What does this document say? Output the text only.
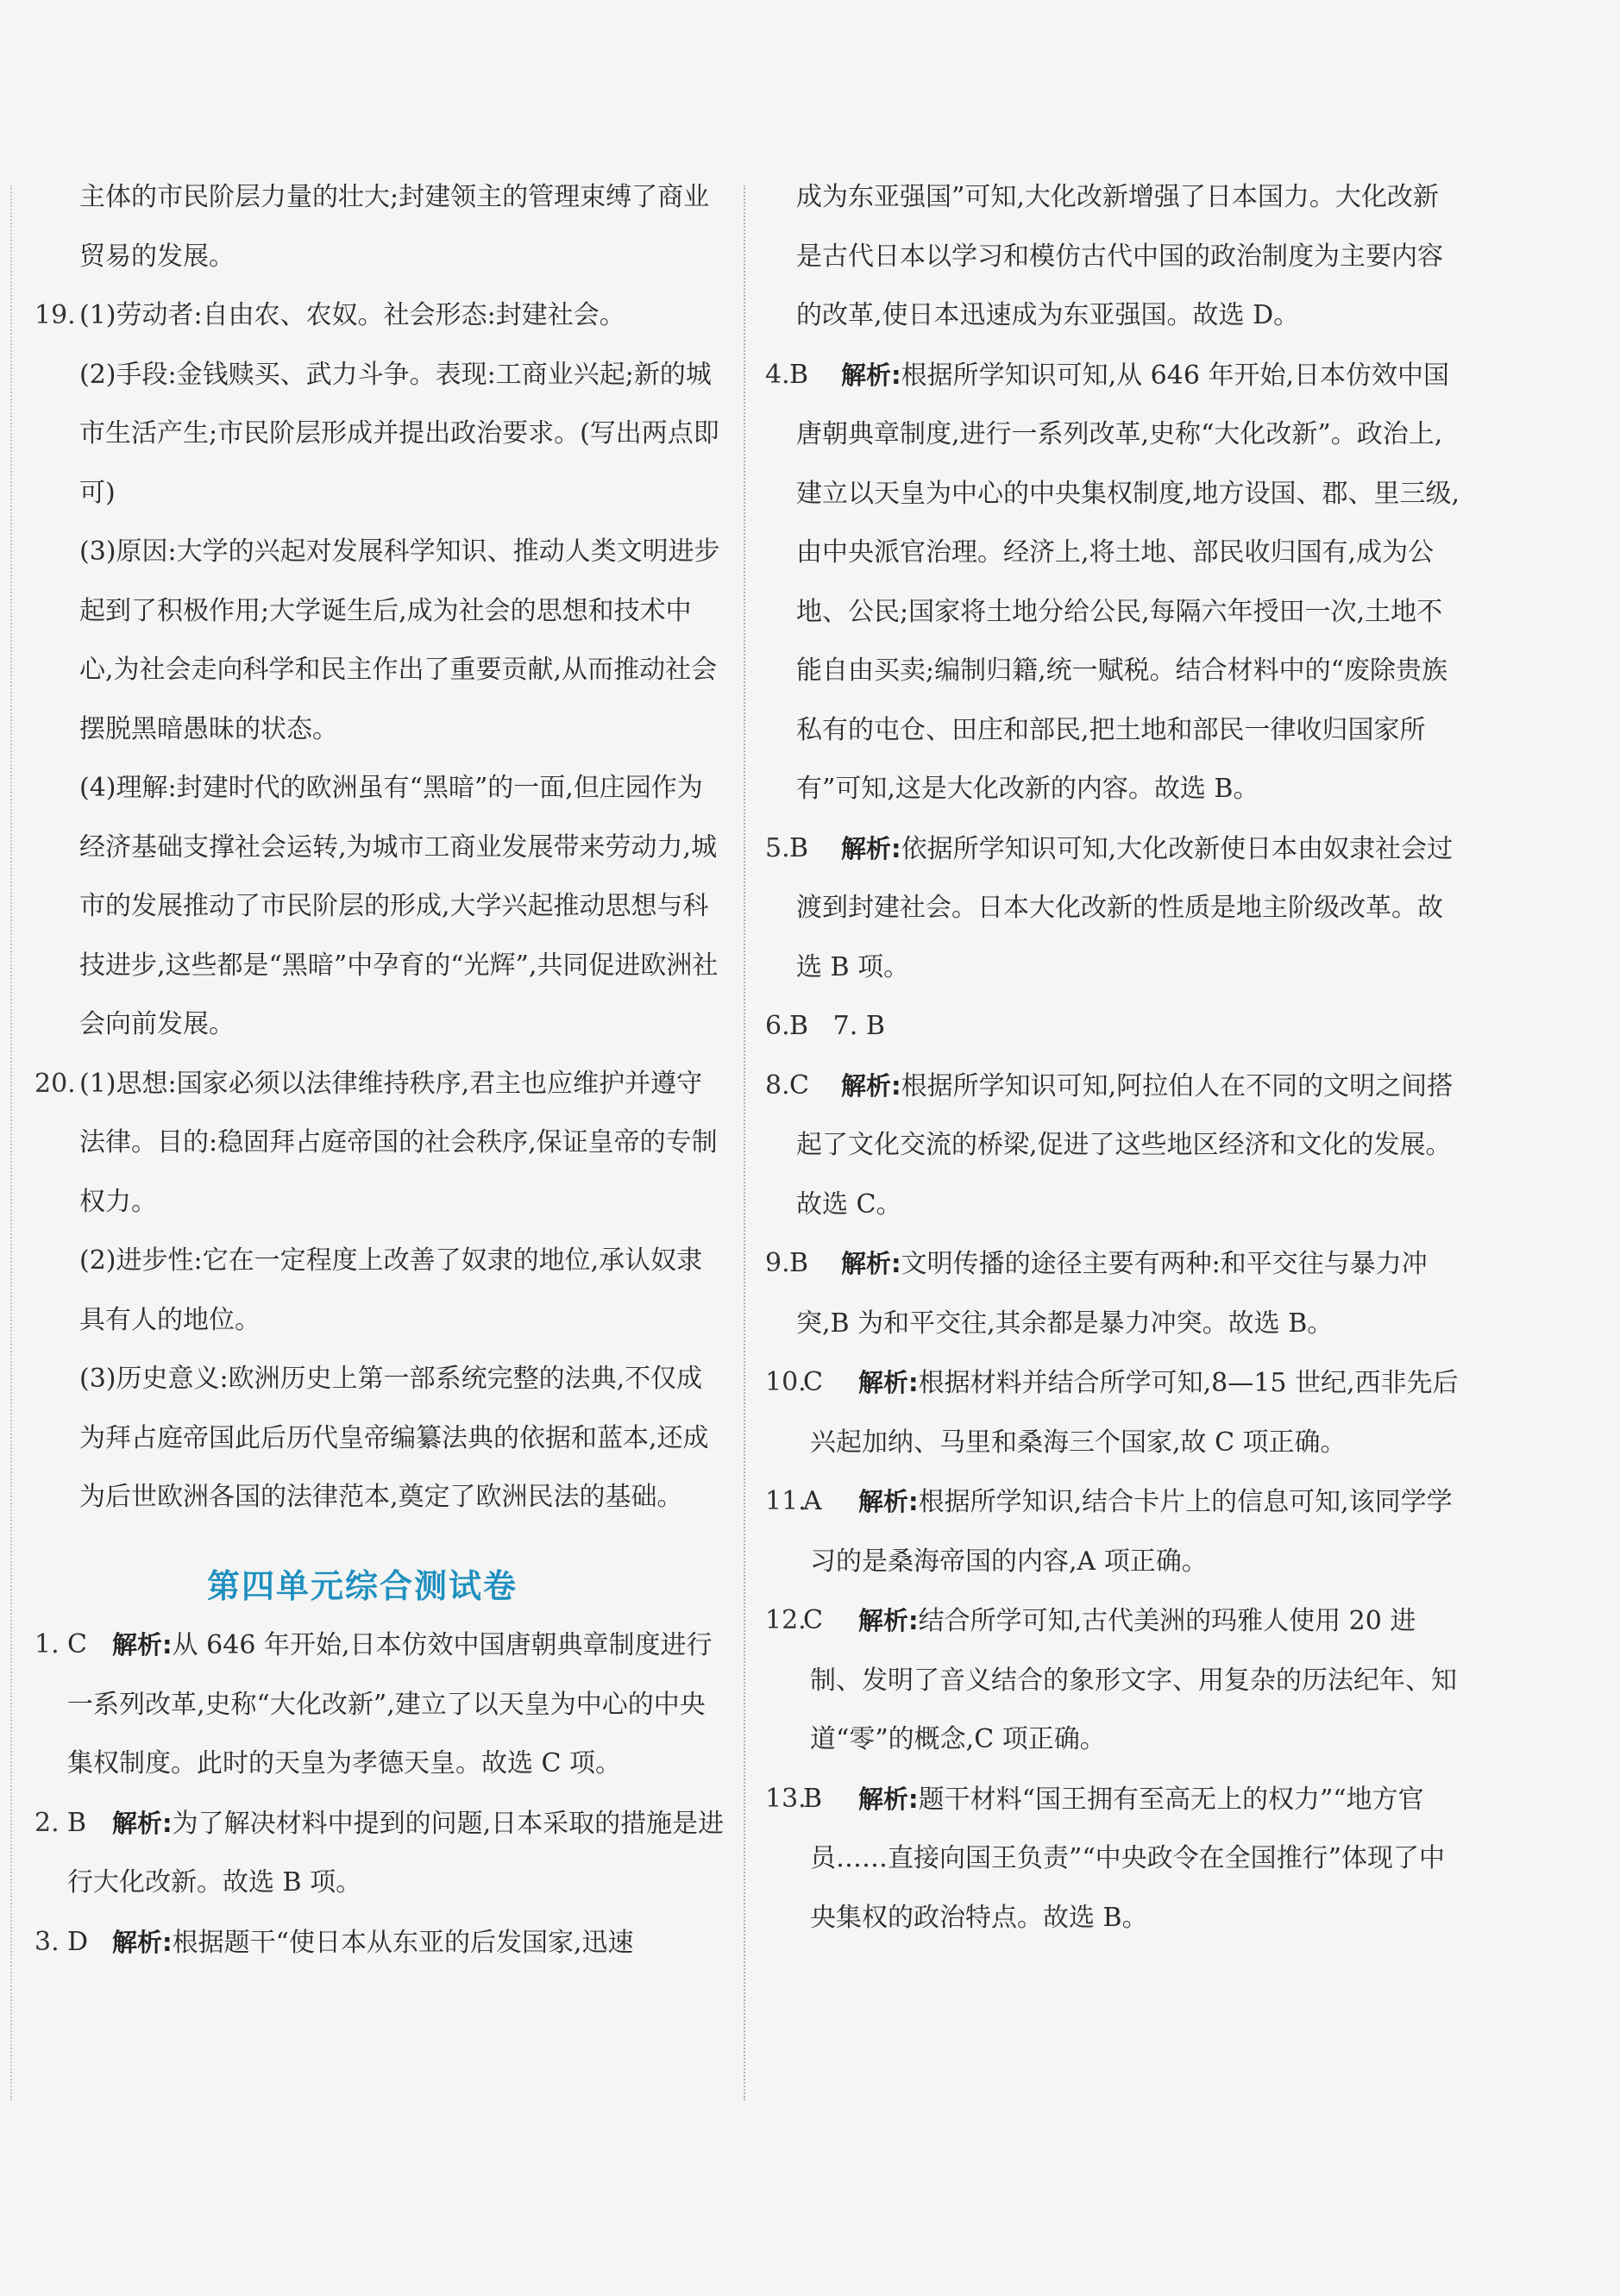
主体的市民阶层力量的壮大;封建领主的管理束缚了商业贸易的发展。
19. (1)劳动者:自由农、农奴。社会形态:封建社会。
(2)手段:金钱赎买、武力斗争。表现:工商业兴起;新的城市生活产生;市民阶层形成并提出政治要求。(写出两点即可)
(3)原因:大学的兴起对发展科学知识、推动人类文明进步起到了积极作用;大学诞生后,成为社会的思想和技术中心,为社会走向科学和民主作出了重要贡献,从而推动社会摆脱黑暗愚昧的状态。
(4)理解:封建时代的欧洲虽有“黑暗”的一面,但庄园作为经济基础支撑社会运转,为城市工商业发展带来劳动力,城市的发展推动了市民阶层的形成,大学兴起推动思想与科技进步,这些都是“黑暗”中孕育的“光辉”,共同促进欧洲社会向前发展。
20. (1)思想:国家必须以法律维持秩序,君主也应维护并遵守法律。目的:稳固拜占庭帝国的社会秩序,保证皇帝的专制权力。
(2)进步性:它在一定程度上改善了奴隶的地位,承认奴隶具有人的地位。
(3)历史意义:欧洲历史上第一部系统完整的法典,不仅成为拜占庭帝国此后历代皇帝编纂法典的依据和蓝本,还成为后世欧洲各国的法律范本,奠定了欧洲民法的基础。
第四单元综合测试卷
1. C	解析:从 646 年开始,日本仿效中国唐朝典章制度进行一系列改革,史称“大化改新”,建立了以天皇为中心的中央集权制度。此时的天皇为孝德天皇。故选 C 项。
2. B	解析:为了解决材料中提到的问题,日本采取的措施是进行大化改新。故选 B 项。
3. D 解析:根据题干“使日本从东亚的后发国家,迅速
成为东亚强国”可知,大化改新增强了日本国力。大化改新是古代日本以学习和模仿古代中国的政治制度为主要内容的改革,使日本迅速成为东亚强国。故选 D。
4. B	解析:根据所学知识可知,从 646 年开始,日本仿效中国唐朝典章制度,进行一系列改革,史称“大化改新”。政治上,建立以天皇为中心的中央集权制度,地方设国、郡、里三级,由中央派官治理。经济上,将土地、部民收归国有,成为公地、公民;国家将土地分给公民,每隔六年授田一次,土地不能自由买卖;编制归籍,统一赋税。结合材料中的“废除贵族私有的屯仓、田庄和部民,把土地和部民一律收归国家所有”可知,这是大化改新的内容。故选 B。
5. B	解析:依据所学知识可知,大化改新使日本由奴隶社会过渡到封建社会。日本大化改新的性质是地主阶级改革。故选 B 项。
6. B   7. B

8. C	解析:根据所学知识可知,阿拉伯人在不同的文明之间搭起了文化交流的桥梁,促进了这些地区经济和文化的发展。故选 C。
9. B	解析:文明传播的途径主要有两种:和平交往与暴力冲突,B 为和平交往,其余都是暴力冲突。故选 B。
10.
C	解析:根据材料并结合所学可知,8—15 世纪,西非先后兴起加纳、马里和桑海三个国家,故 C 项正确。
11.
A	解析:根据所学知识,结合卡片上的信息可知,该同学学习的是桑海帝国的内容,A 项正确。
12.
C	解析:结合所学可知,古代美洲的玛雅人使用 20 进制、发明了音义结合的象形文字、用复杂的历法纪年、知道“零”的概念,C 项正确。
13.
B	解析:题干材料“国王拥有至高无上的权力”“地方官员……直接向国王负责”“中央政令在全国推行”体现了中央集权的政治特点。故选 B。
